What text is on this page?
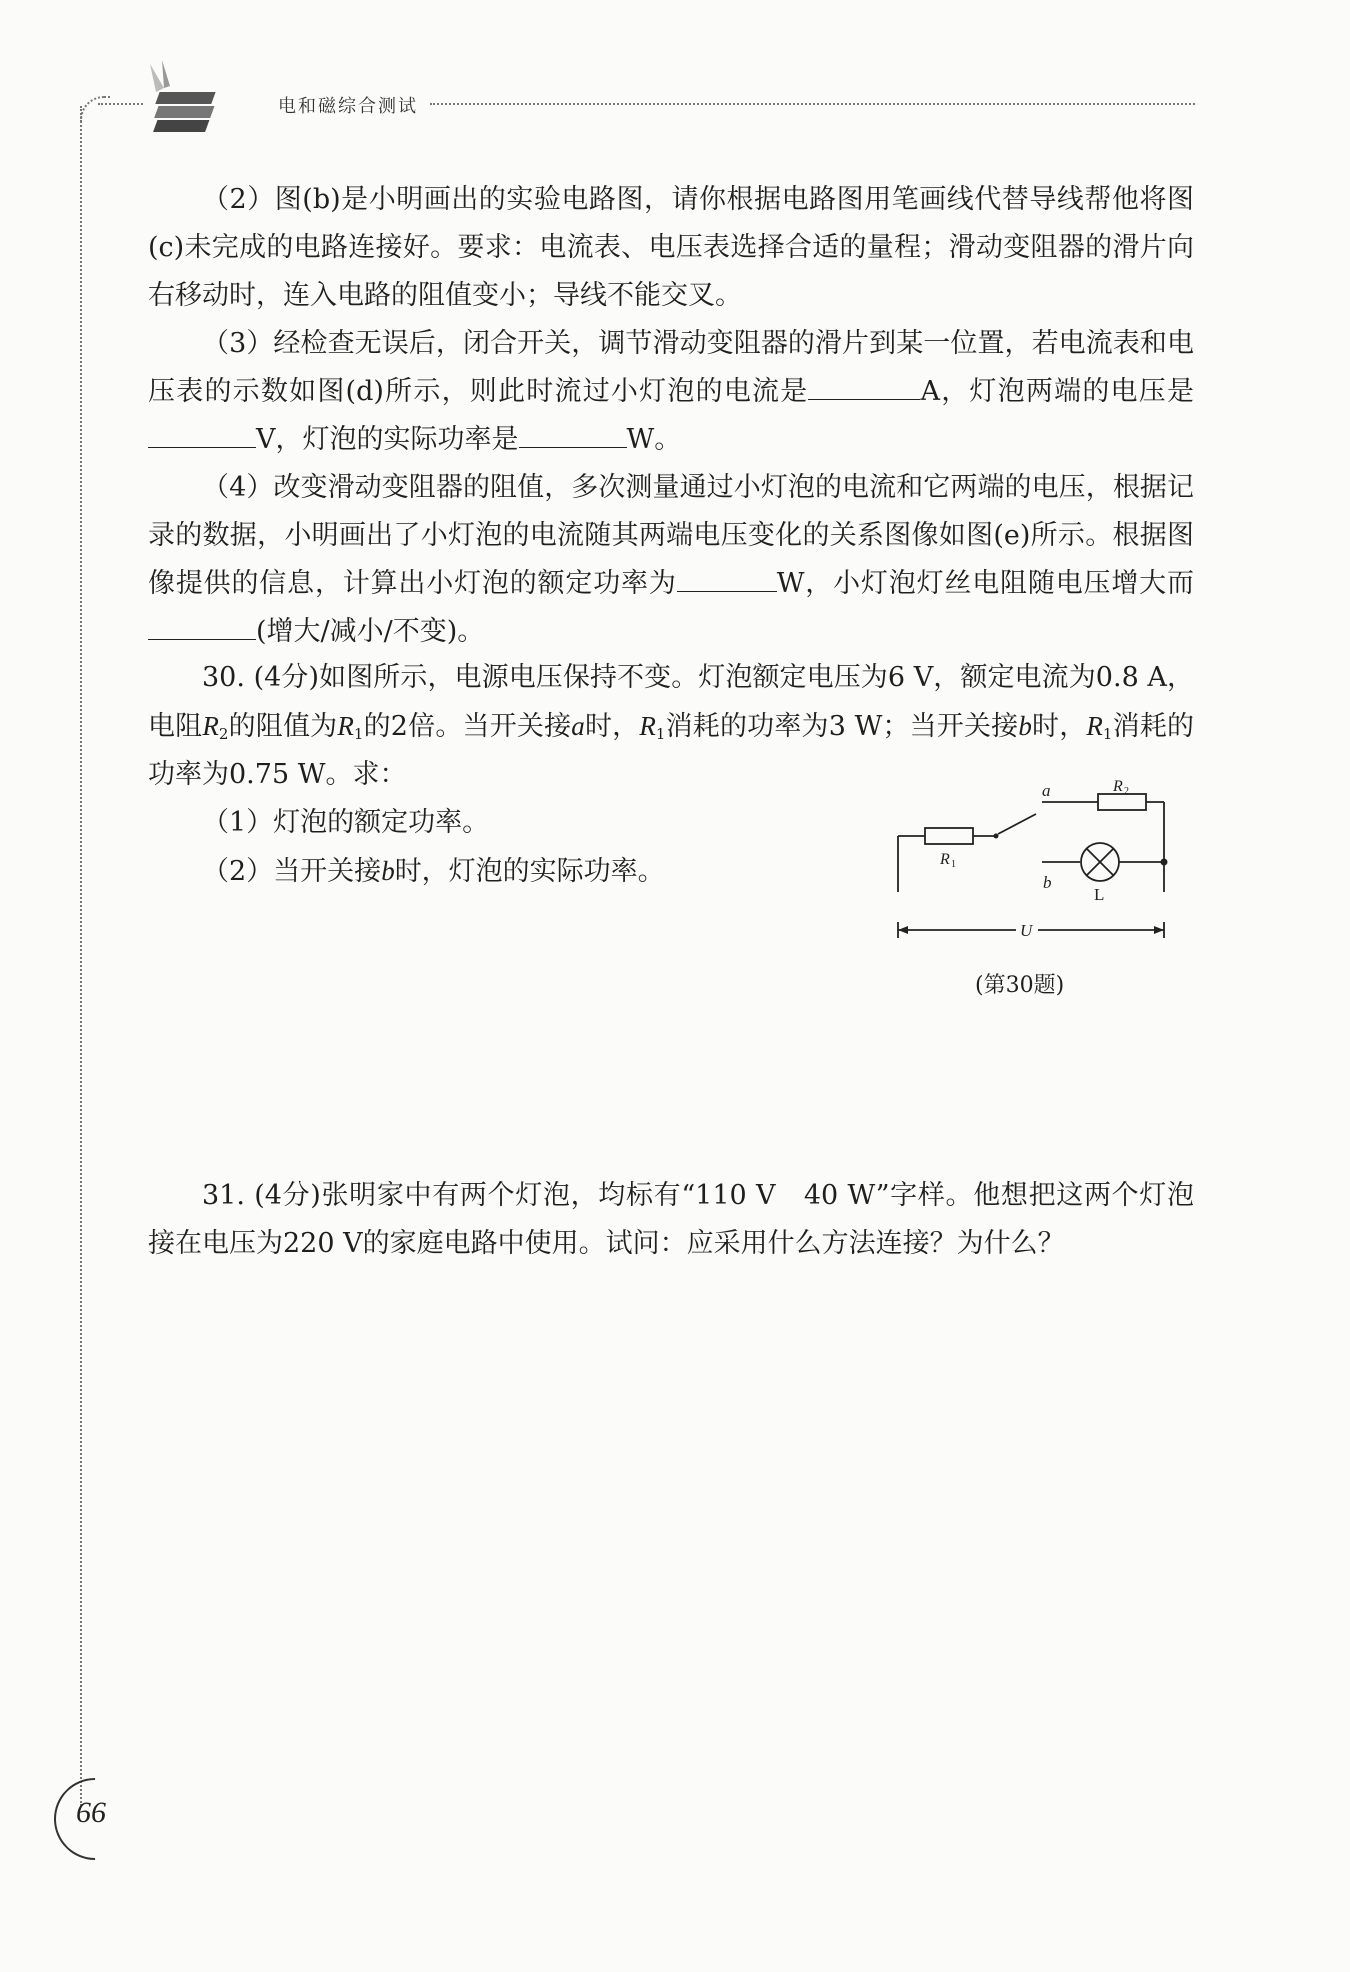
电和磁综合测试

（2）图(b)是小明画出的实验电路图，请你根据电路图用笔画线代替导线帮他将图(c)未完成的电路连接好。要求：电流表、电压表选择合适的量程；滑动变阻器的滑片向右移动时，连入电路的阻值变小；导线不能交叉。

（3）经检查无误后，闭合开关，调节滑动变阻器的滑片到某一位置，若电流表和电压表的示数如图(d)所示，则此时流过小灯泡的电流是	A，灯泡两端的电压是V，灯泡的实际功率是	W。

（4）改变滑动变阻器的阻值，多次测量通过小灯泡的电流和它两端的电压，根据记录的数据，小明画出了小灯泡的电流随其两端电压变化的关系图像如图(e)所示。根据图像提供的信息，计算出小灯泡的额定功率为	W，小灯泡灯丝电阻随电压增大而(增大/减小/不变)。

30. (4分)如图所示，电源电压保持不变。灯泡额定电压为6 V，额定电流为0.8 A，电阻$R_2$的阻值为$R_1$的2倍。当开关接a时，$R_1$消耗的功率为3 W；当开关接b时，$R_1$消耗的功率为0.75 W。求：

（1）灯泡的额定功率。

（2）当开关接b时，灯泡的实际功率。

a
b
R 2
R 1
L
U
(第30题)

31. (4分)张明家中有两个灯泡，均标有“110 V　40 W”字样。他想把这两个灯泡接在电压为220 V的家庭电路中使用。试问：应采用什么方法连接？为什么？

66
